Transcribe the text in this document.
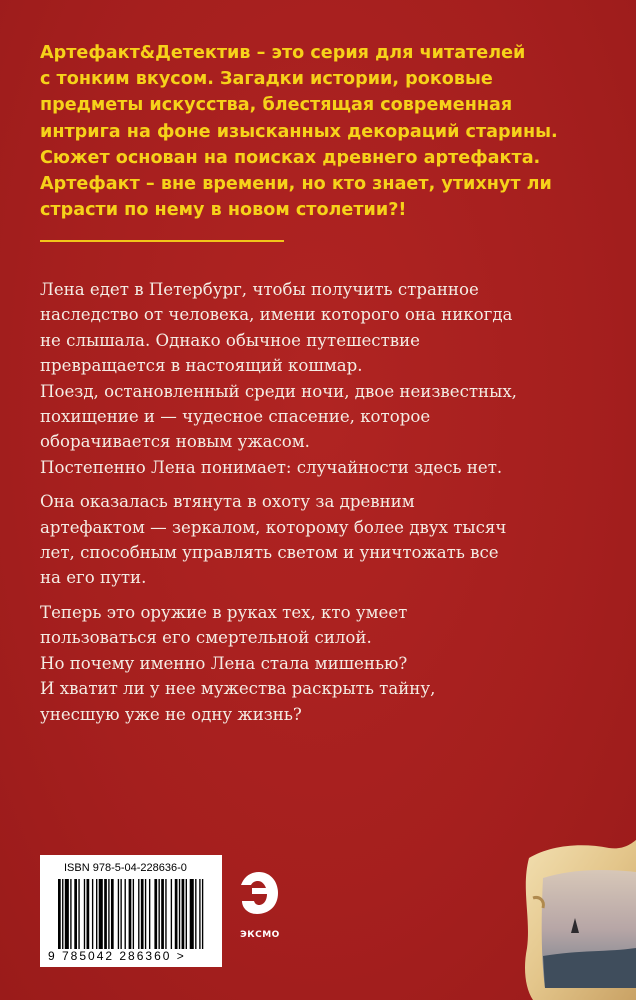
Артефакт&Детектив – это серия для читателей
с тонким вкусом. Загадки истории, роковые
предметы искусства, блестящая современная
интрига на фоне изысканных декораций старины.
Сюжет основан на поисках древнего артефакта.
Артефакт – вне времени, но кто знает, утихнут ли
страсти по нему в новом столетии?!
Лена едет в Петербург, чтобы получить странное
наследство от человека, имени которого она никогда
не слышала. Однако обычное путешествие
превращается в настоящий кошмар.
Поезд, остановленный среди ночи, двое неизвестных,
похищение и — чудесное спасение, которое
оборачивается новым ужасом.
Постепенно Лена понимает: случайности здесь нет.
Она оказалась втянута в охоту за древним
артефактом — зеркалом, которому более двух тысяч
лет, способным управлять светом и уничтожать все
на его пути.
Теперь это оружие в руках тех, кто умеет
пользоваться его смертельной силой.
Но почему именно Лена стала мишенью?
И хватит ли у нее мужества раскрыть тайну,
унесшую уже не одну жизнь?
ISBN 978-5-04-228636-0
9 785042 286360 >
ЭКСМО
